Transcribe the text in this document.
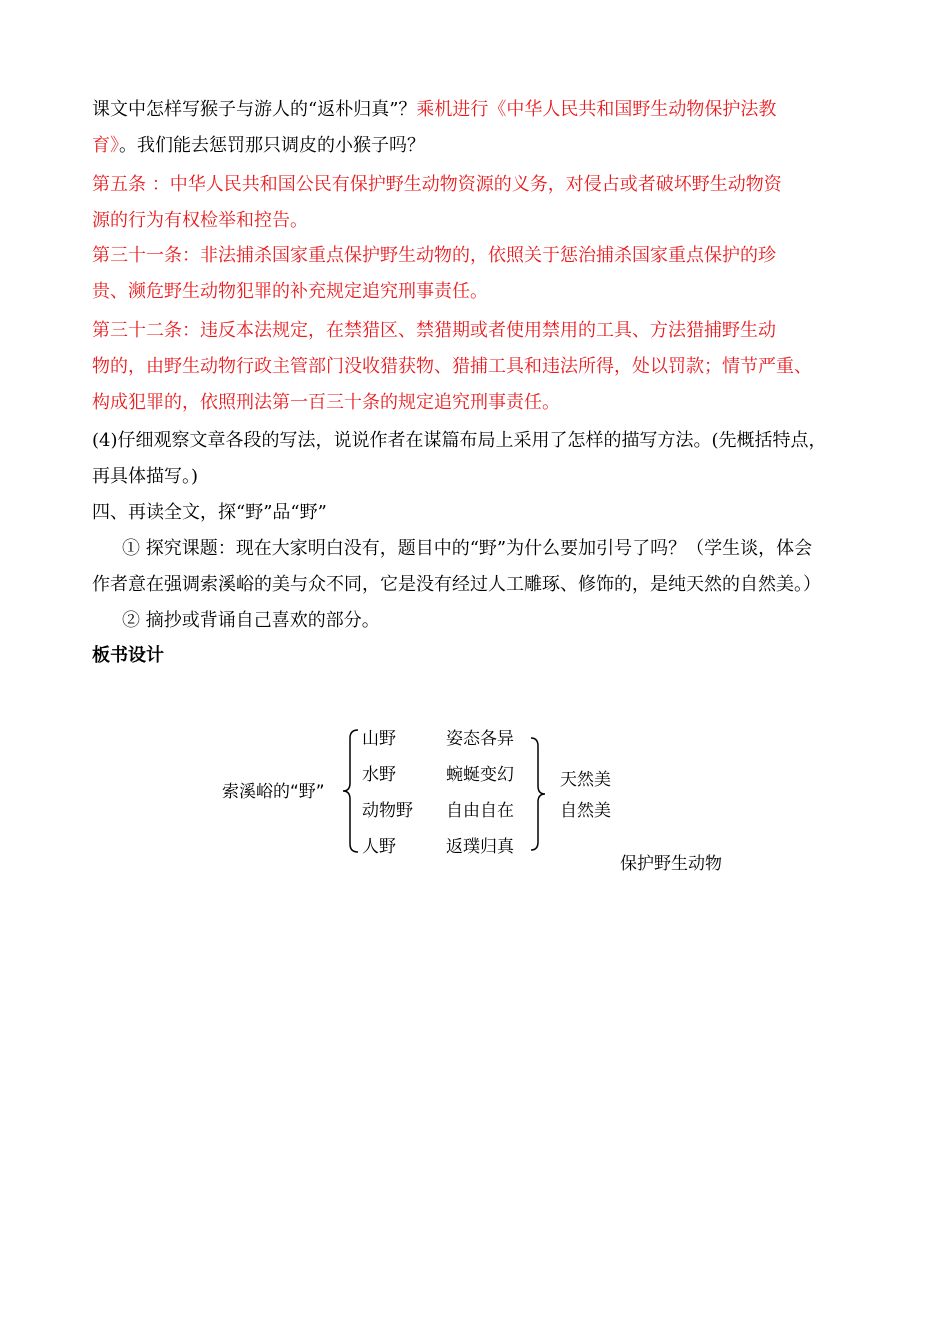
课文中怎样写猴子与游人的“返朴归真”？乘机进行《中华人民共和国野生动物保护法教
育》。我们能去惩罚那只调皮的小猴子吗？

第五条 ：中华人民共和国公民有保护野生动物资源的义务，对侵占或者破坏野生动物资
源的行为有权检举和控告。

第三十一条：非法捕杀国家重点保护野生动物的，依照关于惩治捕杀国家重点保护的珍
贵、濒危野生动物犯罪的补充规定追究刑事责任。

第三十二条：违反本法规定，在禁猎区、禁猎期或者使用禁用的工具、方法猎捕野生动
物的，由野生动物行政主管部门没收猎获物、猎捕工具和违法所得，处以罚款；情节严重、
构成犯罪的，依照刑法第一百三十条的规定追究刑事责任。

(4)仔细观察文章各段的写法，说说作者在谋篇布局上采用了怎样的描写方法。(先概括特点，
再具体描写。)

四、再读全文，探“野”品“野”

① 探究课题：现在大家明白没有，题目中的“野”为什么要加引号了吗？（学生谈，体会
作者意在强调索溪峪的美与众不同，它是没有经过人工雕琢、修饰的，是纯天然的自然美。）

② 摘抄或背诵自己喜欢的部分。

板书设计

索溪峪的“野”
山野
水野
动物野
人野
姿态各异
蜿蜒变幻
自由自在
返璞归真
天然美
自然美
保护野生动物
